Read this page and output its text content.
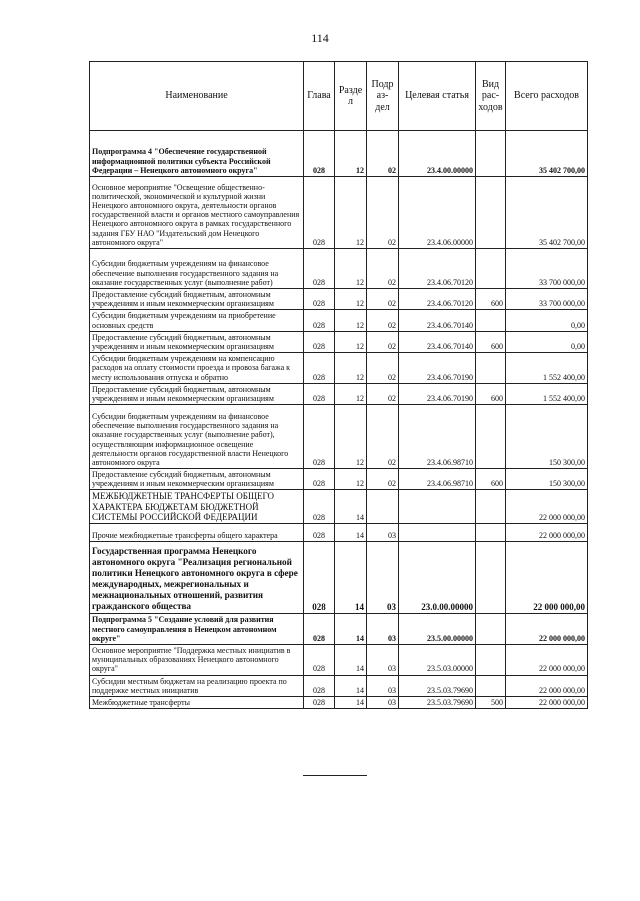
114
Наименование	Глава	Разде л	Подр аз- дел	Целевая статья	Вид рас- ходов	Всего расходов
Подпрограмма 4 "Обеспечение государственной информационной политики субъекта Российской Федерации – Ненецкого автономного округа"	028	12	02	23.4.00.00000		35 402 700,00
Основное мероприятие "Освещение общественно-политической, экономической и культурной жизни Ненецкого автономного округа, деятельности органов государственной власти и органов местного самоуправления Ненецкого автономного округа в рамках государственного задания ГБУ НАО "Издательский дом Ненецкого автономного округа"	028	12	02	23.4.06.00000		35 402 700,00
Субсидии бюджетным учреждениям на финансовое обеспечение выполнения государственного задания на оказание государственных услуг (выполнение работ)	028	12	02	23.4.06.70120		33 700 000,00
Предоставление субсидий бюджетным, автономным учреждениям и иным некоммерческим организациям	028	12	02	23.4.06.70120	600	33 700 000,00
Субсидии бюджетным учреждениям на приобретение основных средств	028	12	02	23.4.06.70140		0,00
Предоставление субсидий бюджетным, автономным учреждениям и иным некоммерческим организациям	028	12	02	23.4.06.70140	600	0,00
Субсидии бюджетным учреждениям на компенсацию расходов на оплату стоимости проезда и провоза багажа к месту использования отпуска и обратно	028	12	02	23.4.06.70190		1 552 400,00
Предоставление субсидий бюджетным, автономным учреждениям и иным некоммерческим организациям	028	12	02	23.4.06.70190	600	1 552 400,00
Субсидии бюджетным учреждениям на финансовое обеспечение выполнения государственного задания на оказание государственных услуг (выполнение работ), осуществляющим информационное освещение деятельности органов государственной власти Ненецкого автономного округа	028	12	02	23.4.06.98710		150 300,00
Предоставление субсидий бюджетным, автономным учреждениям и иным некоммерческим организациям	028	12	02	23.4.06.98710	600	150 300,00
МЕЖБЮДЖЕТНЫЕ ТРАНСФЕРТЫ ОБЩЕГО ХАРАКТЕРА БЮДЖЕТАМ БЮДЖЕТНОЙ СИСТЕМЫ РОССИЙСКОЙ ФЕДЕРАЦИИ	028	14				22 000 000,00
Прочие межбюджетные трансферты общего характера	028	14	03			22 000 000,00
Государственная программа Ненецкого автономного округа "Реализация региональной политики Ненецкого автономного округа в сфере международных, межрегиональных и межнациональных отношений, развития гражданского общества	028	14	03	23.0.00.00000		22 000 000,00
Подпрограмма 5 "Создание условий для развития местного самоуправления в Ненецком автономном округе"	028	14	03	23.5.00.00000		22 000 000,00
Основное мероприятие "Поддержка местных инициатив в муниципальных образованиях Ненецкого автономного округа"	028	14	03	23.5.03.00000		22 000 000,00
Субсидии местным бюджетам на реализацию проекта по поддержке местных инициатив	028	14	03	23.5.03.79690		22 000 000,00
Межбюджетные трансферты	028	14	03	23.5.03.79690	500	22 000 000,00
